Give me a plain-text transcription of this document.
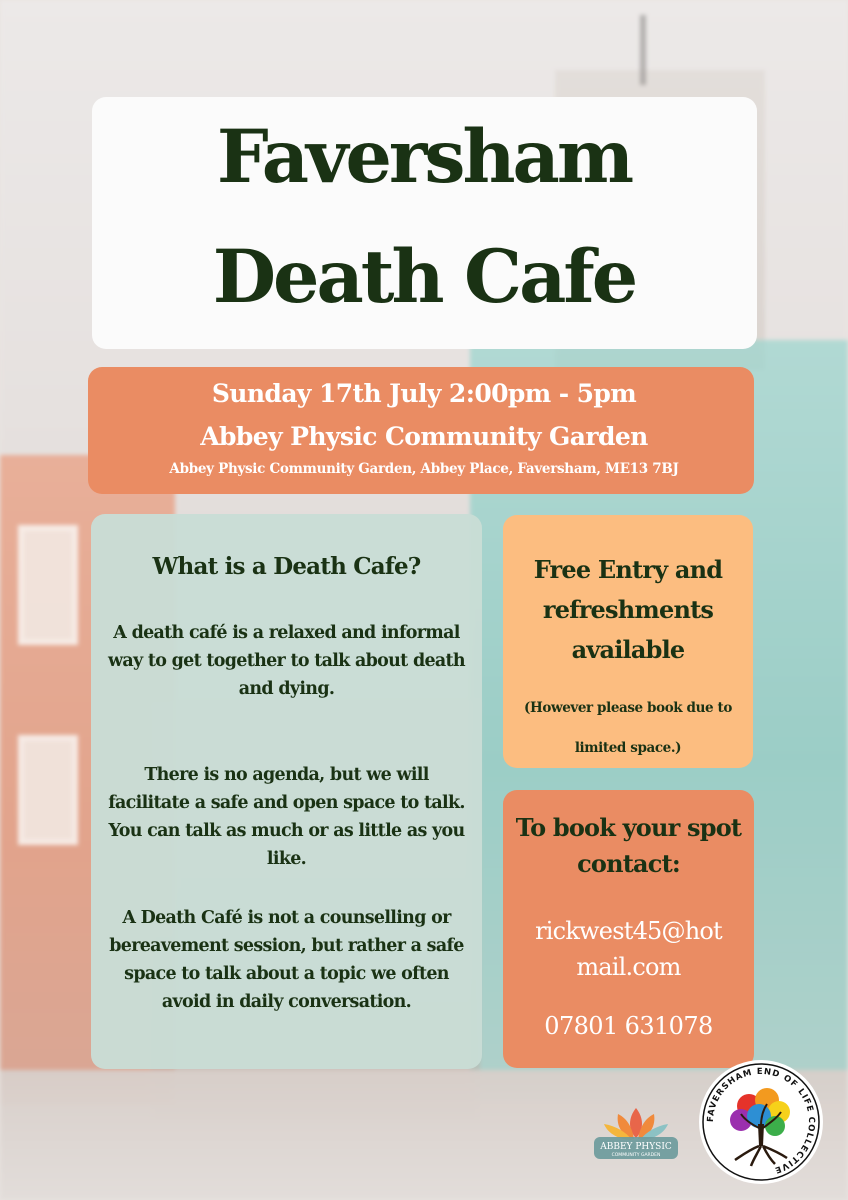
Faversham
Death Cafe
Sunday 17th July 2:00pm - 5pm
Abbey Physic Community Garden
Abbey Physic Community Garden, Abbey Place, Faversham, ME13 7BJ
What is a Death Cafe?
A death café is a relaxed and informal way to get together to talk about death and dying.
There is no agenda, but we will facilitate a safe and open space to talk. You can talk as much or as little as you like.
A Death Café is not a counselling or bereavement session, but rather a safe space to talk about a topic we often avoid in daily conversation.
Free Entry and refreshments available
(However please book due to limited space.)
To book your spot contact:
rickwest45@hot
mail.com
07801 631078
ABBEY PHYSIC
COMMUNITY GARDEN
FAVERSHAM END OF LIFE COLLECTIVE
